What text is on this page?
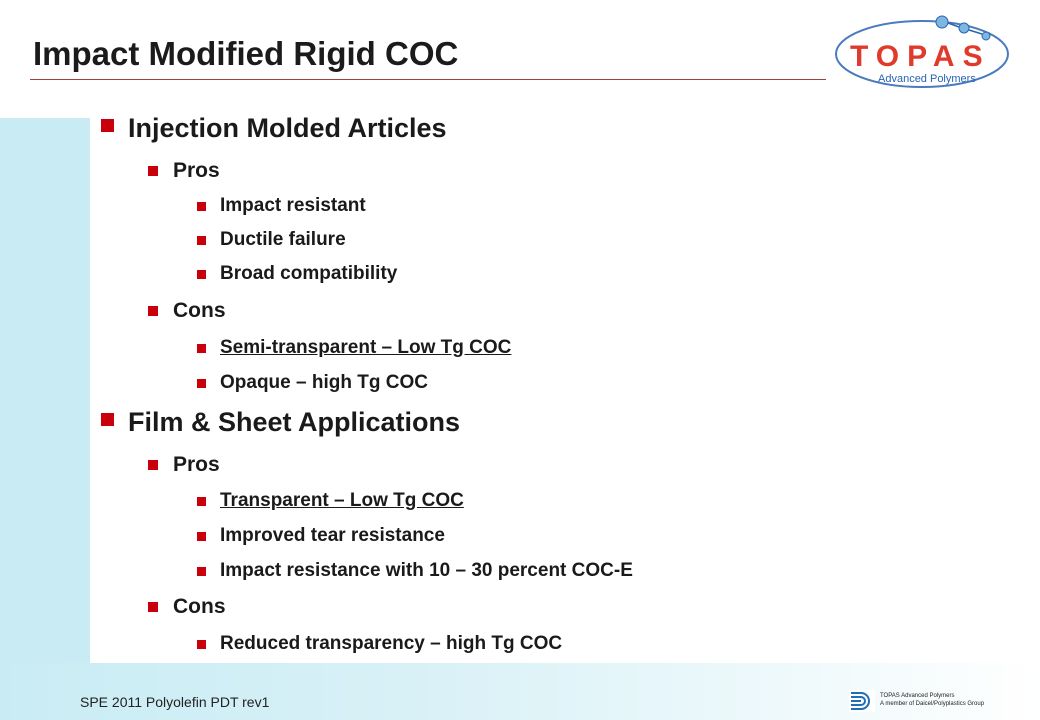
Impact Modified Rigid COC	TOPAS
Advanced Polymers
Injection Molded Articles
Pros
Impact resistant
Ductile failure
Broad compatibility
Cons
Semi-transparent – Low Tg COC
Opaque – high Tg COC
Film & Sheet Applications
Pros
Transparent – Low Tg COC
Improved tear resistance
Impact resistance with 10 – 30 percent COC-E
Cons
Reduced transparency – high Tg COC
SPE 2011 Polyolefin PDT rev1	TOPAS Advanced Polymers
A member of Daicel/Polyplastics Group
